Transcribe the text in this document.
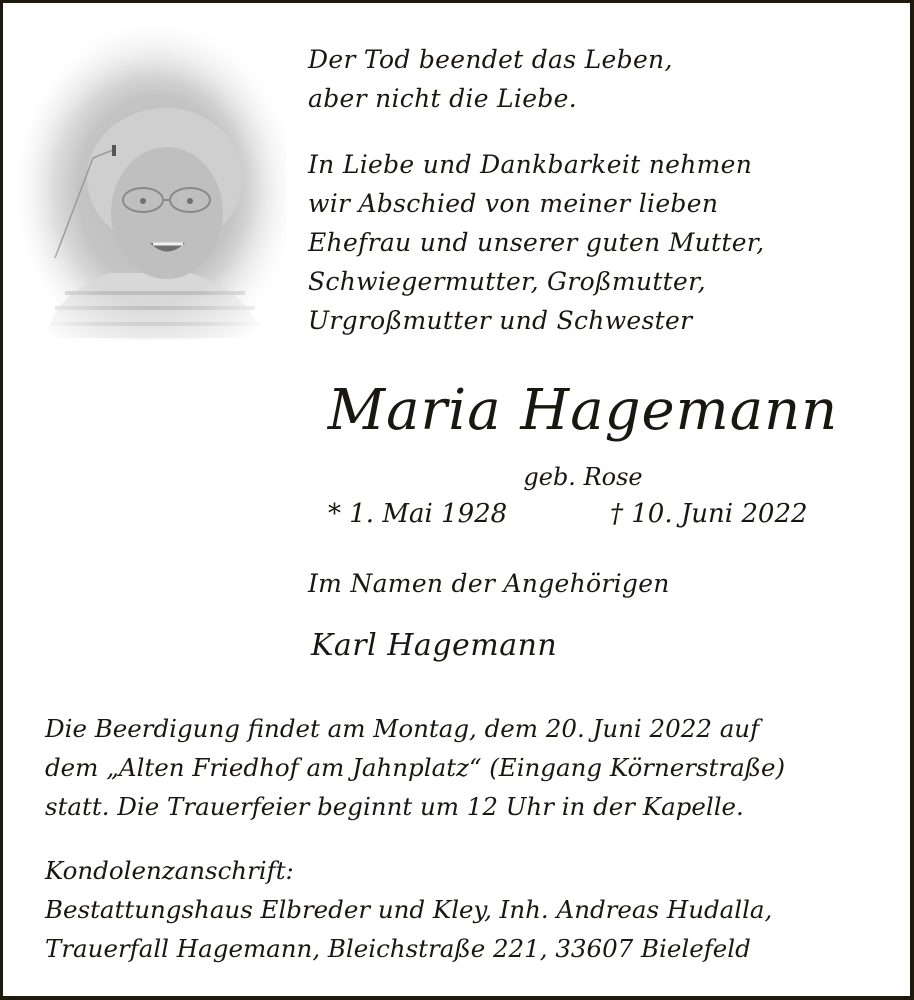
Der Tod beendet das Leben,

aber nicht die Liebe.

In Liebe und Dankbarkeit nehmen

wir Abschied von meiner lieben

Ehefrau und unserer guten Mutter,

Schwiegermutter, Großmutter,

Urgroßmutter und Schwester

Maria Hagemann
geb. Rose
* 1. Mai 1928	† 10. Juni 2022
Im Namen der Angehörigen
Karl Hagemann

Die Beerdigung findet am Montag, dem 20. Juni 2022 auf

dem „Alten Friedhof am Jahnplatz“ (Eingang Körnerstraße)

statt. Die Trauerfeier beginnt um 12 Uhr in der Kapelle.

Kondolenzanschrift:

Bestattungshaus Elbreder und Kley, Inh. Andreas Hudalla,

Trauerfall Hagemann, Bleichstraße 221, 33607 Bielefeld
